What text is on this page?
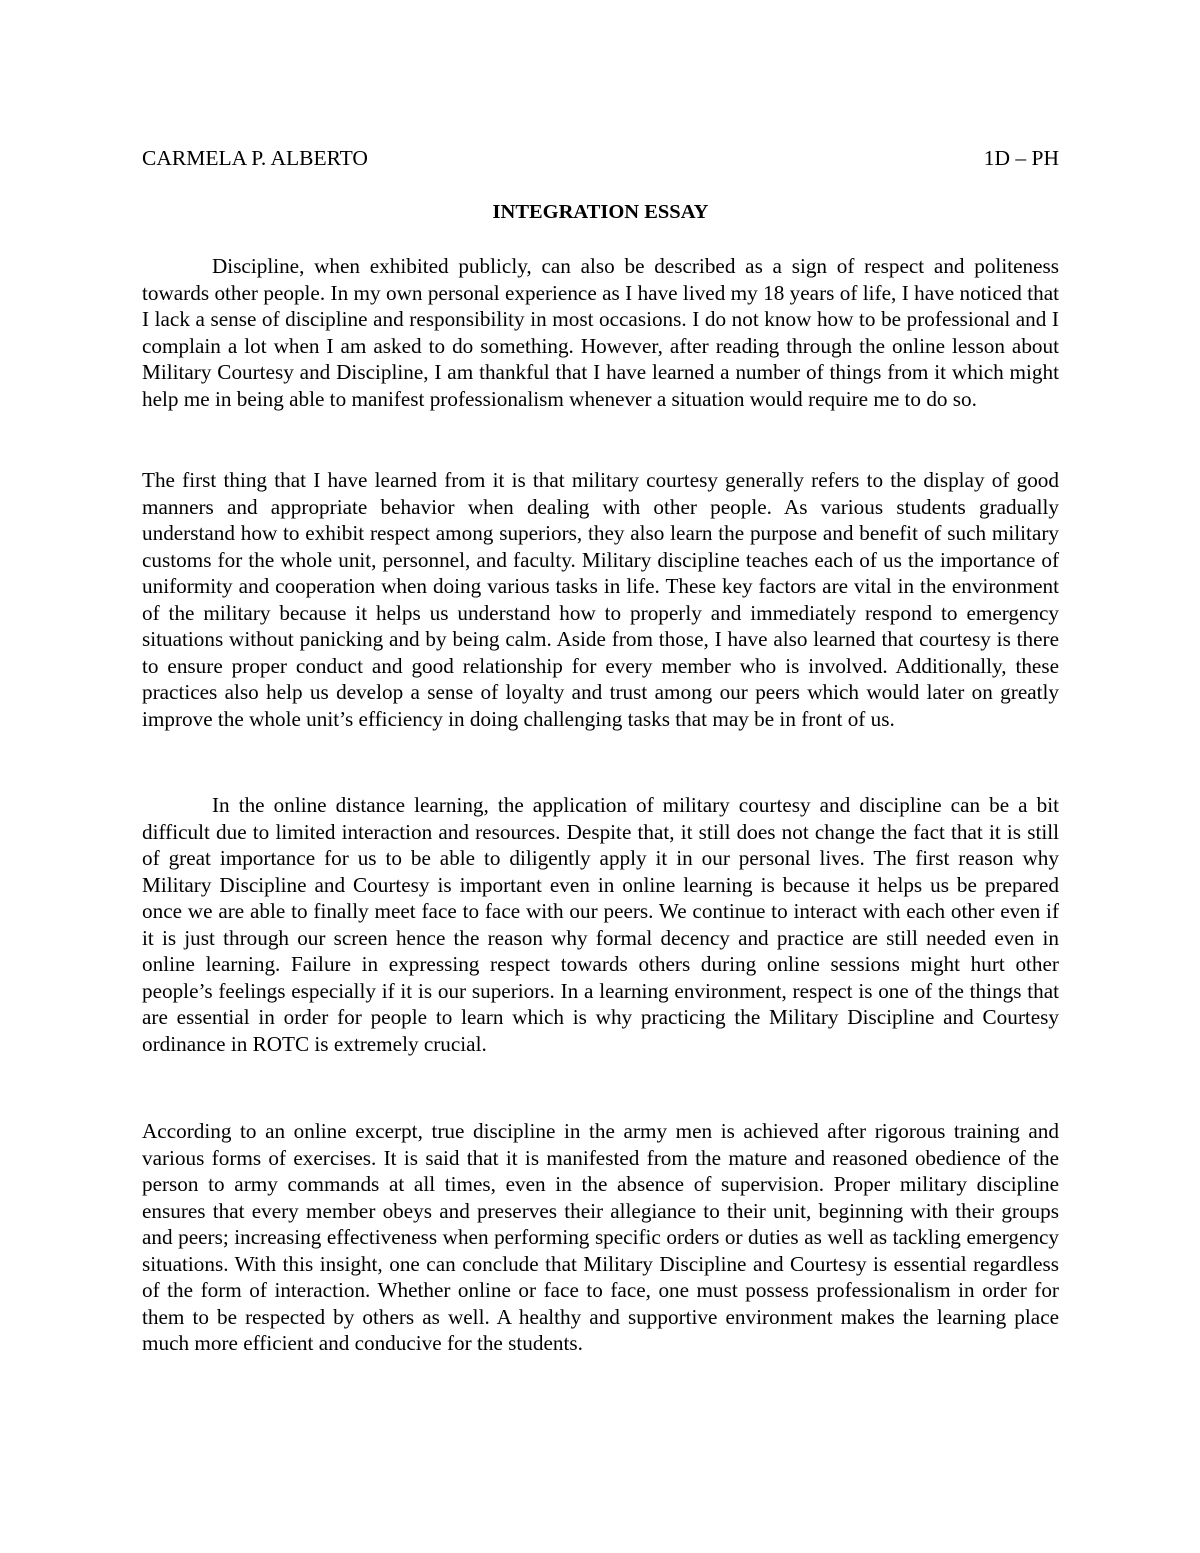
CARMELA P. ALBERTO	1D – PH
INTEGRATION ESSAY

Discipline, when exhibited publicly, can also be described as a sign of respect and politeness towards other people. In my own personal experience as I have lived my 18 years of life, I have noticed that I lack a sense of discipline and responsibility in most occasions. I do not know how to be professional and I complain a lot when I am asked to do something. However, after reading through the online lesson about Military Courtesy and Discipline, I am thankful that I have learned a number of things from it which might help me in being able to manifest professionalism whenever a situation would require me to do so.

The first thing that I have learned from it is that military courtesy generally refers to the display of good manners and appropriate behavior when dealing with other people. As various students gradually understand how to exhibit respect among superiors, they also learn the purpose and benefit of such military customs for the whole unit, personnel, and faculty. Military discipline teaches each of us the importance of uniformity and cooperation when doing various tasks in life. These key factors are vital in the environment of the military because it helps us understand how to properly and immediately respond to emergency situations without panicking and by being calm. Aside from those, I have also learned that courtesy is there to ensure proper conduct and good relationship for every member who is involved. Additionally, these practices also help us develop a sense of loyalty and trust among our peers which would later on greatly improve the whole unit’s efficiency in doing challenging tasks that may be in front of us.

In the online distance learning, the application of military courtesy and discipline can be a bit difficult due to limited interaction and resources. Despite that, it still does not change the fact that it is still of great importance for us to be able to diligently apply it in our personal lives. The first reason why Military Discipline and Courtesy is important even in online learning is because it helps us be prepared once we are able to finally meet face to face with our peers. We continue to interact with each other even if it is just through our screen hence the reason why formal decency and practice are still needed even in online learning. Failure in expressing respect towards others during online sessions might hurt other people’s feelings especially if it is our superiors. In a learning environment, respect is one of the things that are essential in order for people to learn which is why practicing the Military Discipline and Courtesy ordinance in ROTC is extremely crucial.

According to an online excerpt, true discipline in the army men is achieved after rigorous training and various forms of exercises. It is said that it is manifested from the mature and reasoned obedience of the person to army commands at all times, even in the absence of supervision. Proper military discipline ensures that every member obeys and preserves their allegiance to their unit, beginning with their groups and peers; increasing effectiveness when performing specific orders or duties as well as tackling emergency situations. With this insight, one can conclude that Military Discipline and Courtesy is essential regardless of the form of interaction. Whether online or face to face, one must possess professionalism in order for them to be respected by others as well. A healthy and supportive environment makes the learning place much more efficient and conducive for the students.
